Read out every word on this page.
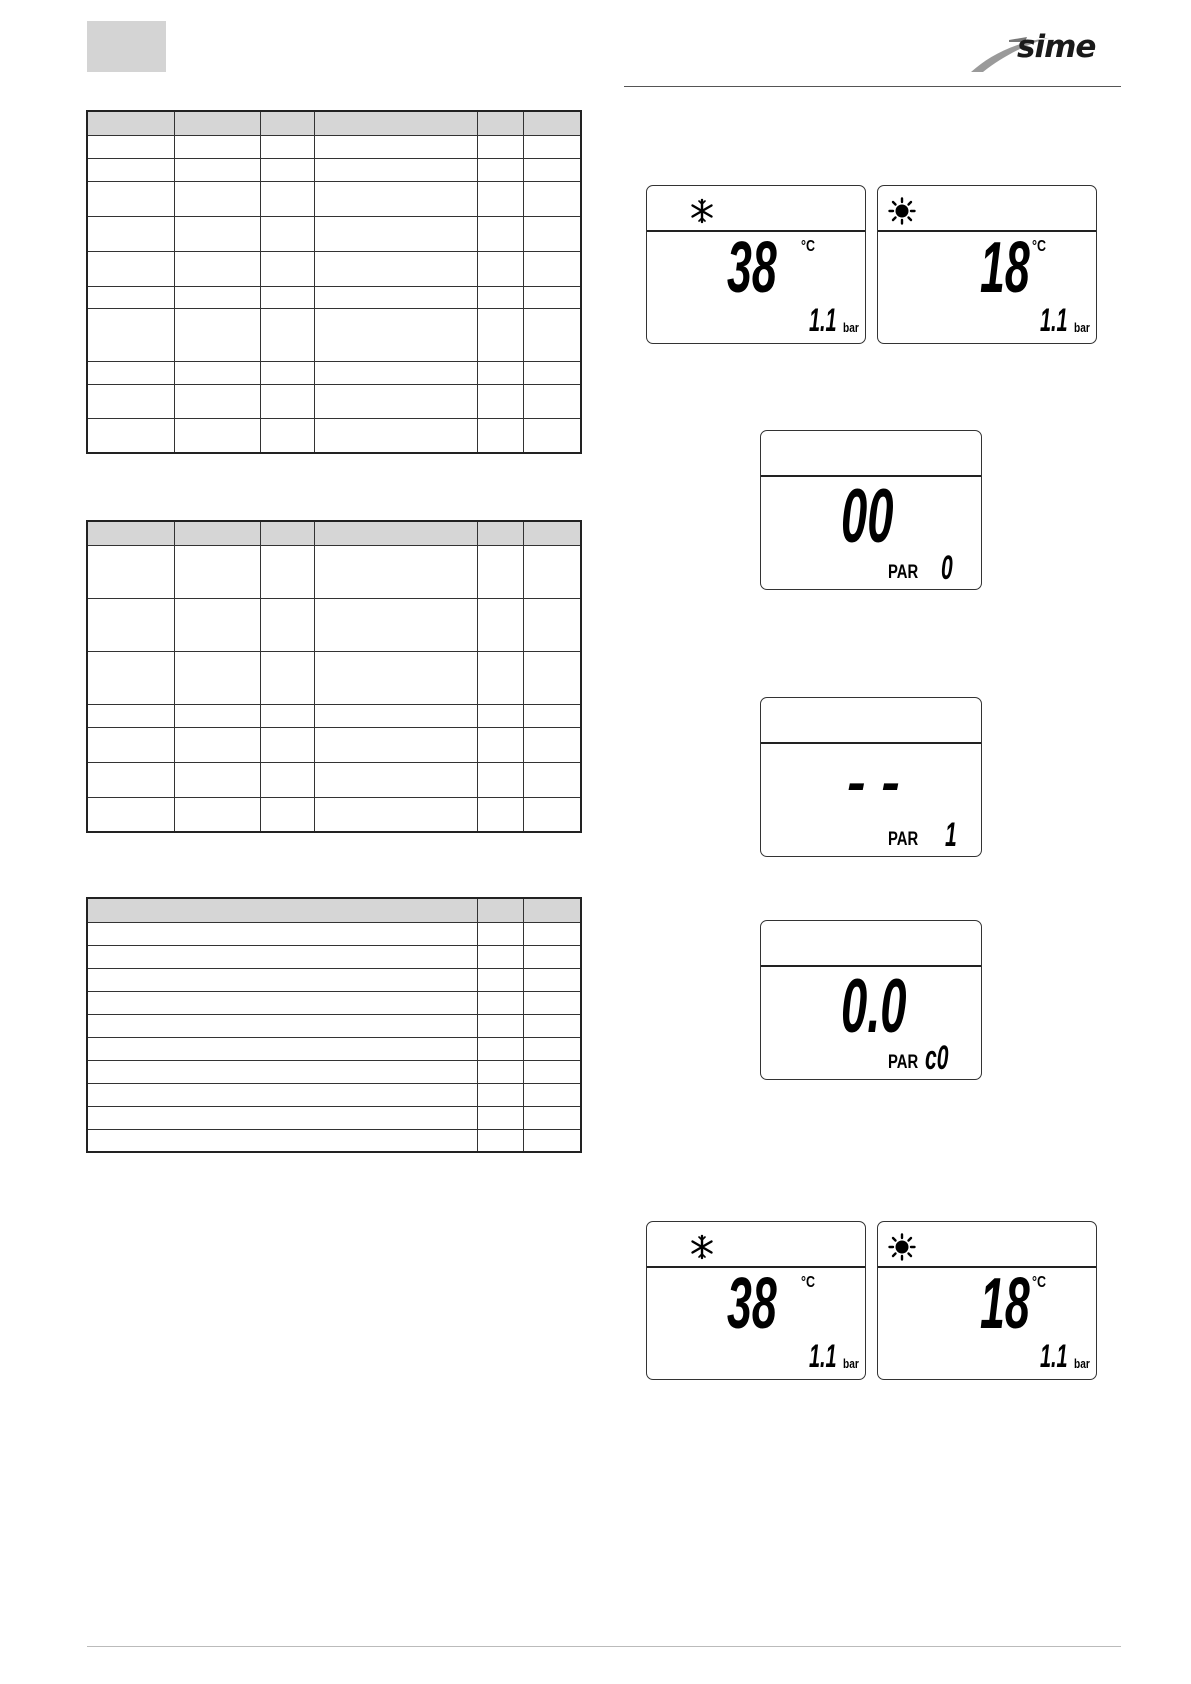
sime
38 °C
1.1 bar
18 °C
1.1 bar
00
PAR 0
- -
PAR 1
0.0
PAR c0
38 °C
1.1 bar
18 °C
1.1 bar
